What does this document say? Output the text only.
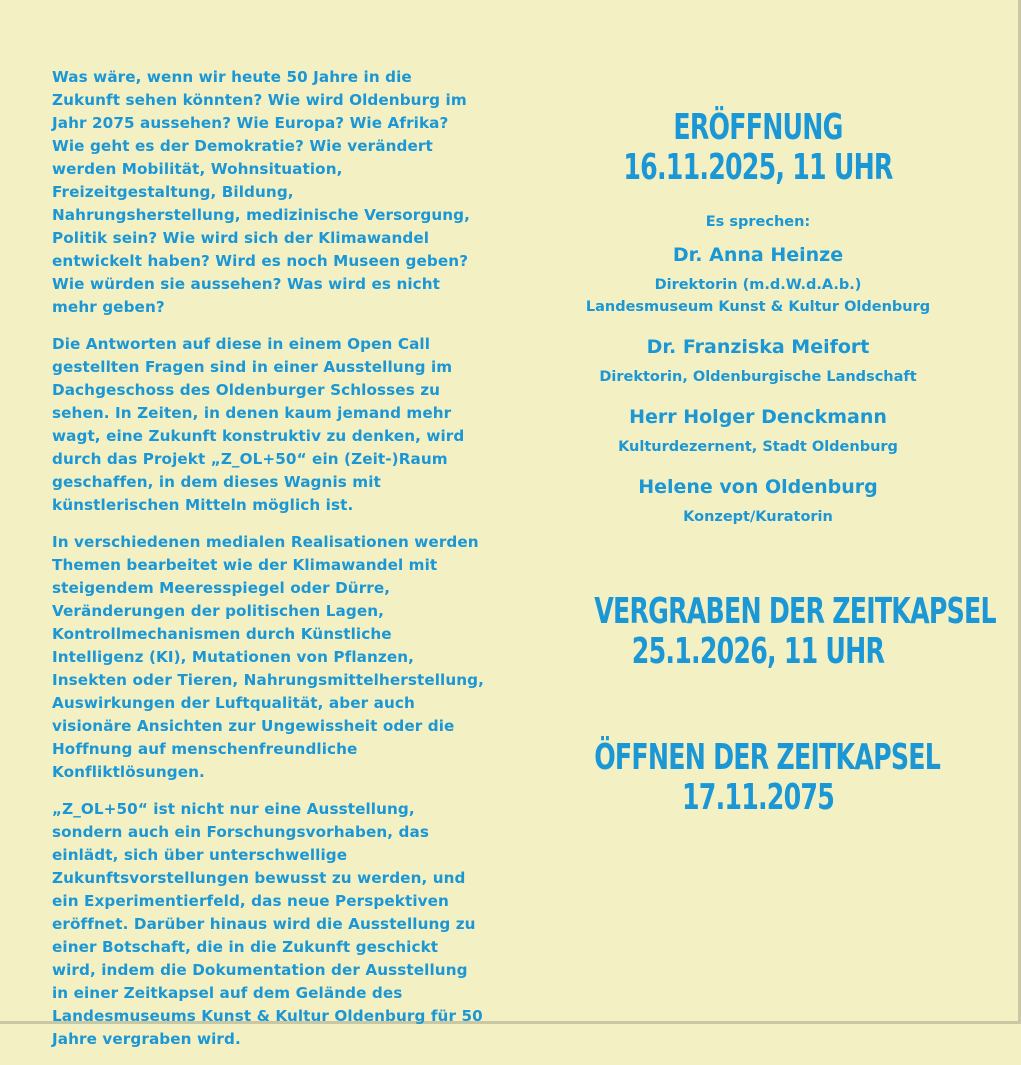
Was wäre, wenn wir heute 50 Jahre in die Zukunft sehen könnten? Wie wird Oldenburg im Jahr 2075 aussehen? Wie Europa? Wie Afrika? Wie geht es der Demokratie? Wie verändert werden Mobilität, Wohnsituation, Freizeitgestaltung, Bildung, Nahrungsherstellung, medizinische Versorgung, Politik sein? Wie wird sich der Klimawandel entwickelt haben? Wird es noch Museen geben? Wie würden sie aussehen? Was wird es nicht mehr geben?

Die Antworten auf diese in einem Open Call gestellten Fragen sind in einer Ausstellung im Dachgeschoss des Oldenburger Schlosses zu sehen. In Zeiten, in denen kaum jemand mehr wagt, eine Zukunft konstruktiv zu denken, wird durch das Projekt „Z_OL+50“ ein (Zeit-)Raum geschaffen, in dem dieses Wagnis mit künstlerischen Mitteln möglich ist.

In verschiedenen medialen Realisationen werden Themen bearbeitet wie der Klimawandel mit steigendem Meeresspiegel oder Dürre, Veränderungen der politischen Lagen, Kontrollmechanismen durch Künstliche Intelligenz (KI), Mutationen von Pflanzen, Insekten oder Tieren, Nahrungsmittelherstellung, Auswirkungen der Luftqualität, aber auch visionäre Ansichten zur Ungewissheit oder die Hoffnung auf menschenfreundliche Konfliktlösungen.

„Z_OL+50“ ist nicht nur eine Ausstellung, sondern auch ein Forschungsvorhaben, das einlädt, sich über unterschwellige Zukunftsvorstellungen bewusst zu werden, und ein Experimentierfeld, das neue Perspektiven eröffnet. Darüber hinaus wird die Ausstellung zu einer Botschaft, die in die Zukunft geschickt wird, indem die Dokumentation der Ausstellung in einer Zeitkapsel auf dem Gelände des Landesmuseums Kunst & Kultur Oldenburg für 50 Jahre vergraben wird.

ERÖFFNUNG
16.11.2025, 11 UHR
Es sprechen:
Dr. Anna Heinze
Direktorin (m.d.W.d.A.b.)
Landesmuseum Kunst & Kultur Oldenburg
Dr. Franziska Meifort
Direktorin, Oldenburgische Landschaft
Herr Holger Denckmann
Kulturdezernent, Stadt Oldenburg
Helene von Oldenburg
Konzept/Kuratorin
VERGRABEN DER ZEITKAPSEL
25.1.2026, 11 UHR
ÖFFNEN DER ZEITKAPSEL
17.11.2075
